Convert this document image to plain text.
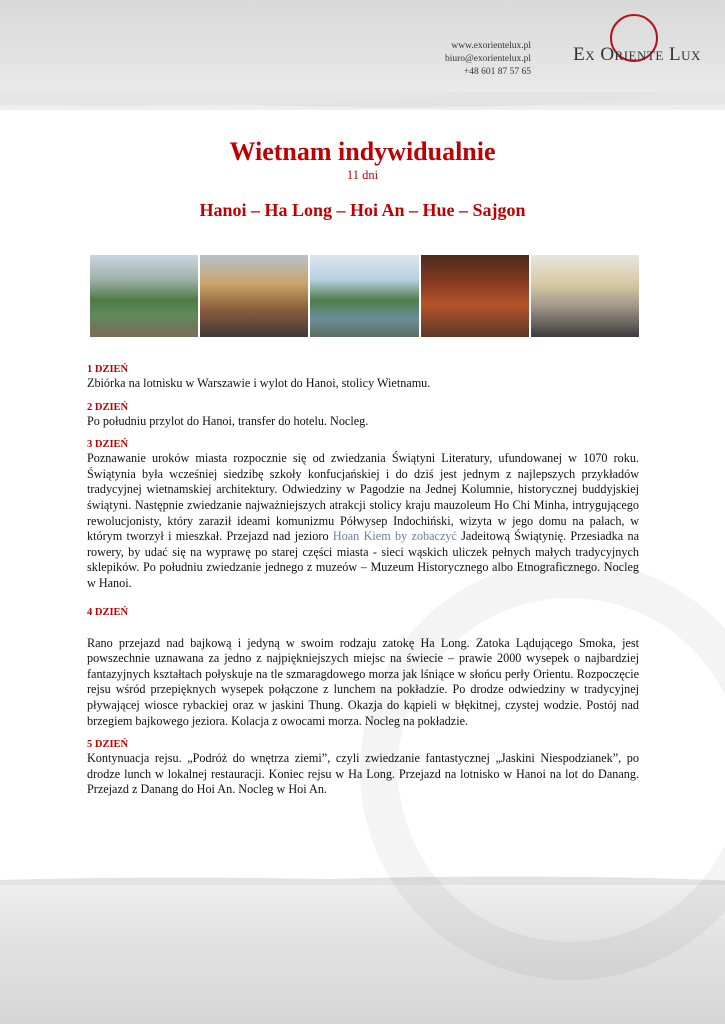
www.exorientelux.pl
biuro@exorientelux.pl
+48 601 87 57 65
Ex Oriente Lux
Wietnam indywidualnie
11 dni
Hanoi – Ha Long – Hoi An – Hue – Sajgon

1 DZIEŃ

Zbiórka na lotnisku w Warszawie i wylot do Hanoi, stolicy Wietnamu.

2 DZIEŃ

Po południu przylot do Hanoi, transfer do hotelu. Nocleg.

3 DZIEŃ

Poznawanie uroków miasta rozpocznie się od zwiedzania Świątyni Literatury, ufundowanej w 1070 roku. Świątynia była wcześniej siedzibę szkoły konfucjańskiej i do dziś jest jednym z najlepszych przykładów tradycyjnej wietnamskiej architektury. Odwiedziny w Pagodzie na Jednej Kolumnie, historycznej buddyjskiej świątyni. Następnie zwiedzanie najważniejszych atrakcji stolicy kraju mauzoleum Ho Chi Minha, intrygującego rewolucjonisty, który zaraził ideami komunizmu Półwysep Indochiński, wizyta w jego domu na palach, w którym tworzył i mieszkał. Przejazd nad jezioro Hoan Kiem by zobaczyć Jadeitową Świątynię. Przesiadka na rowery, by udać się na wyprawę po starej części miasta - sieci wąskich uliczek pełnych małych tradycyjnych sklepików. Po południu zwiedzanie jednego z muzeów – Muzeum Historycznego albo Etnograficznego. Nocleg w Hanoi.

4 DZIEŃ

Rano przejazd nad bajkową i jedyną w swoim rodzaju zatokę Ha Long. Zatoka Lądującego Smoka, jest powszechnie uznawana za jedno z najpiękniejszych miejsc na świecie – prawie 2000 wysepek o najbardziej fantazyjnych kształtach połyskuje na tle szmaragdowego morza jak lśniące w słońcu perły Orientu. Rozpoczęcie rejsu wśród przepięknych wysepek połączone z lunchem na pokładzie. Po drodze odwiedziny w tradycyjnej pływającej wiosce rybackiej oraz w jaskini Thung. Okazja do kąpieli w błękitnej, czystej wodzie. Postój nad brzegiem bajkowego jeziora. Kolacja z owocami morza. Nocleg na pokładzie.

5 DZIEŃ

Kontynuacja rejsu. „Podróż do wnętrza ziemi”, czyli zwiedzanie fantastycznej „Jaskini Niespodzianek”, po drodze lunch w lokalnej restauracji. Koniec rejsu w Ha Long. Przejazd na lotnisko w Hanoi na lot do Danang. Przejazd z Danang do Hoi An. Nocleg w Hoi An.
